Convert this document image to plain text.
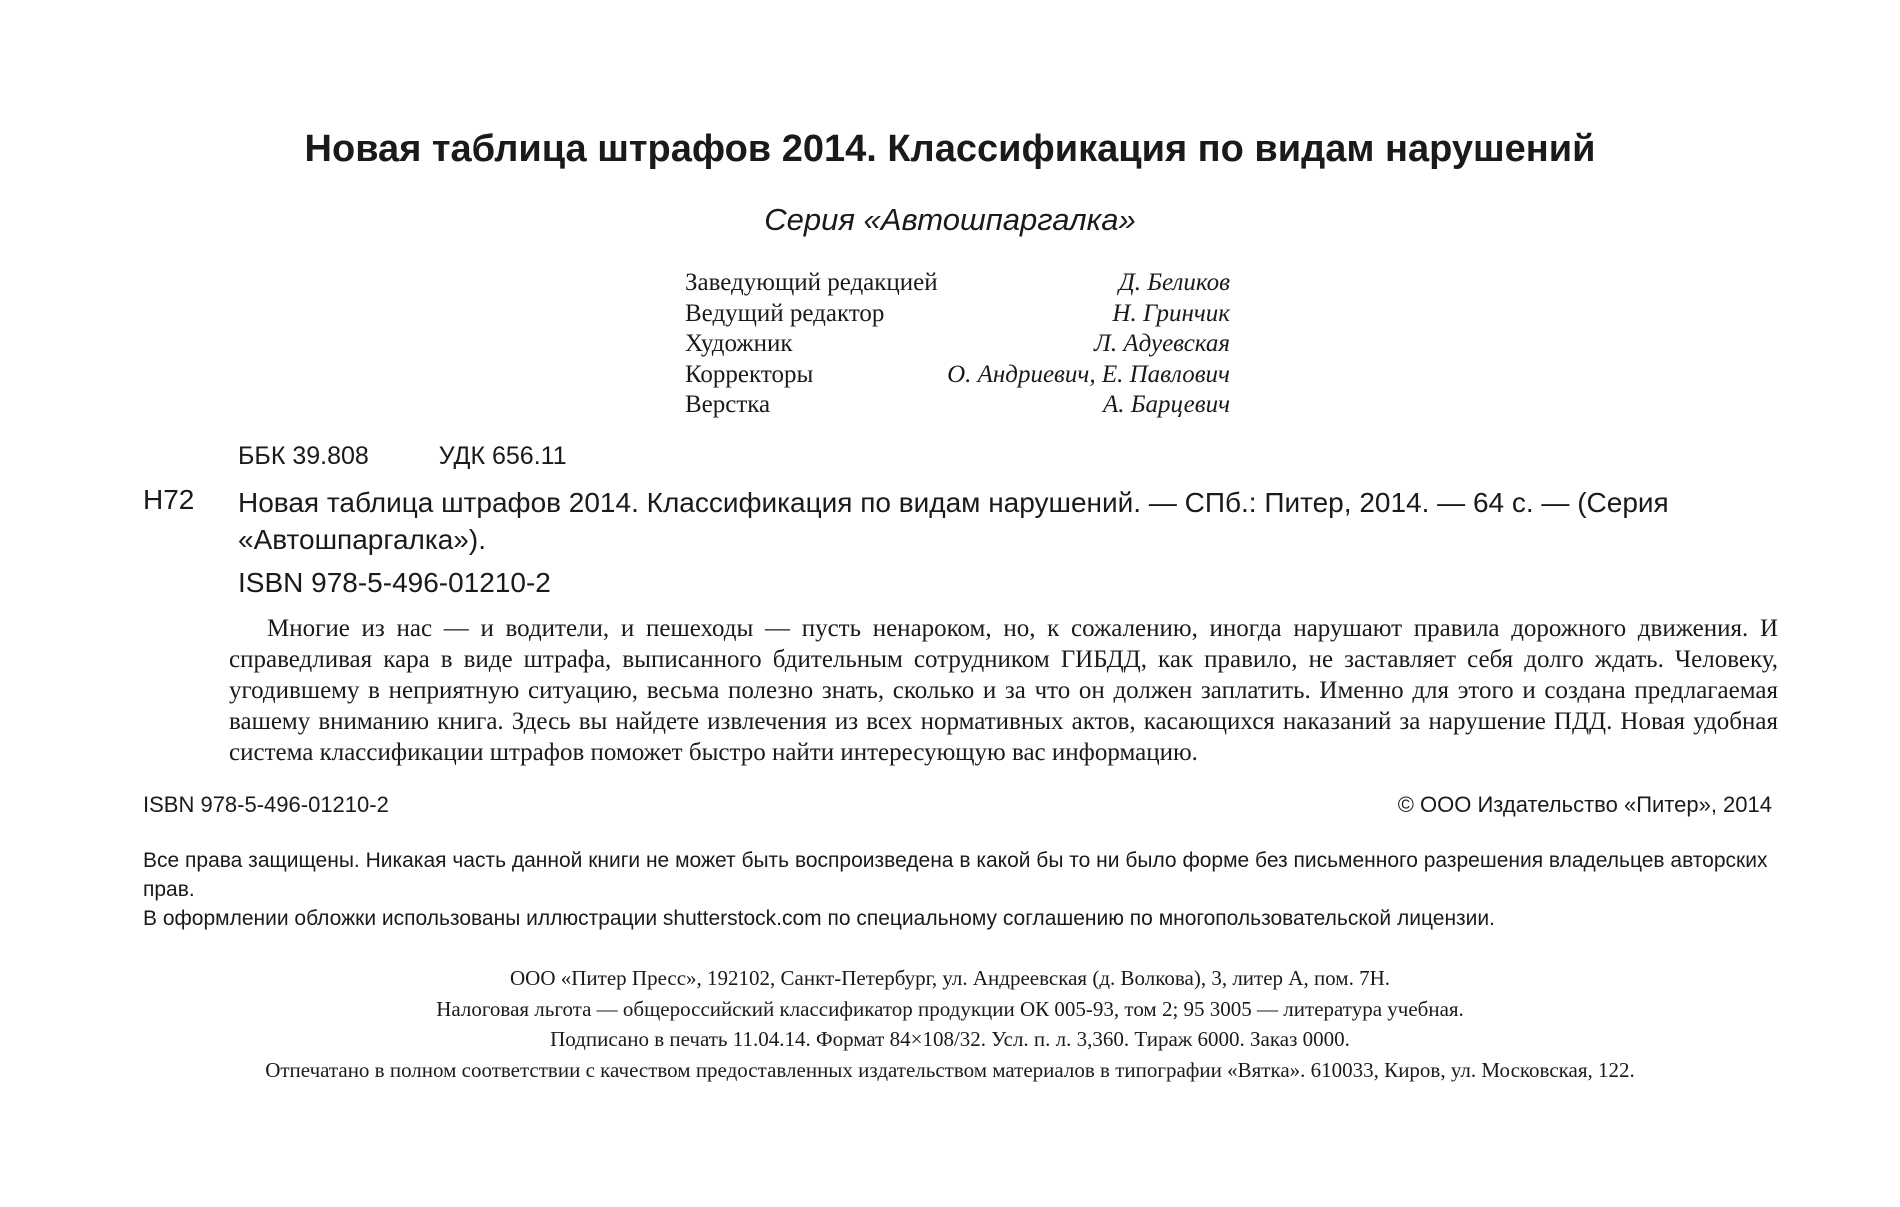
Новая таблица штрафов 2014. Классификация по видам нарушений
Серия «Автошпаргалка»
Заведующий редакцией	Д. Беликов
Ведущий редактор	Н. Гринчик
Художник	Л. Адуевская
Корректоры	О. Андриевич, Е. Павлович
Верстка	А. Барцевич
ББК 39.808	УДК 656.11
Н72 Новая таблица штрафов 2014. Классификация по видам нарушений. — СПб.: Питер, 2014. — 64 с. — (Серия «Автошпаргалка»).
ISBN 978-5-496-01210-2
Многие из нас — и водители, и пешеходы — пусть ненароком, но, к сожалению, иногда нарушают правила дорожного движения. И справедливая кара в виде штрафа, выписанного бдительным сотрудником ГИБДД, как правило, не заставляет себя долго ждать. Человеку, угодившему в неприятную ситуацию, весьма полезно знать, сколько и за что он должен заплатить. Именно для этого и создана предлагаемая вашему вниманию книга. Здесь вы найдете извлечения из всех нормативных актов, касающихся наказаний за нарушение ПДД. Новая удобная система классификации штрафов поможет быстро найти интересующую вас информацию.
ISBN 978-5-496-01210-2	© ООО Издательство «Питер», 2014
Все права защищены. Никакая часть данной книги не может быть воспроизведена в какой бы то ни было форме без письменного разрешения владельцев авторских прав.
В оформлении обложки использованы иллюстрации shutterstock.com по специальному соглашению по многопользовательской лицензии.
ООО «Питер Пресс», 192102, Санкт-Петербург, ул. Андреевская (д. Волкова), 3, литер А, пом. 7Н.
Налоговая льгота — общероссийский классификатор продукции ОК 005-93, том 2; 95 3005 — литература учебная.
Подписано в печать 11.04.14. Формат 84×108/32. Усл. п. л. 3,360. Тираж 6000. Заказ 0000.
Отпечатано в полном соответствии с качеством предоставленных издательством материалов в типографии «Вятка». 610033, Киров, ул. Московская, 122.
